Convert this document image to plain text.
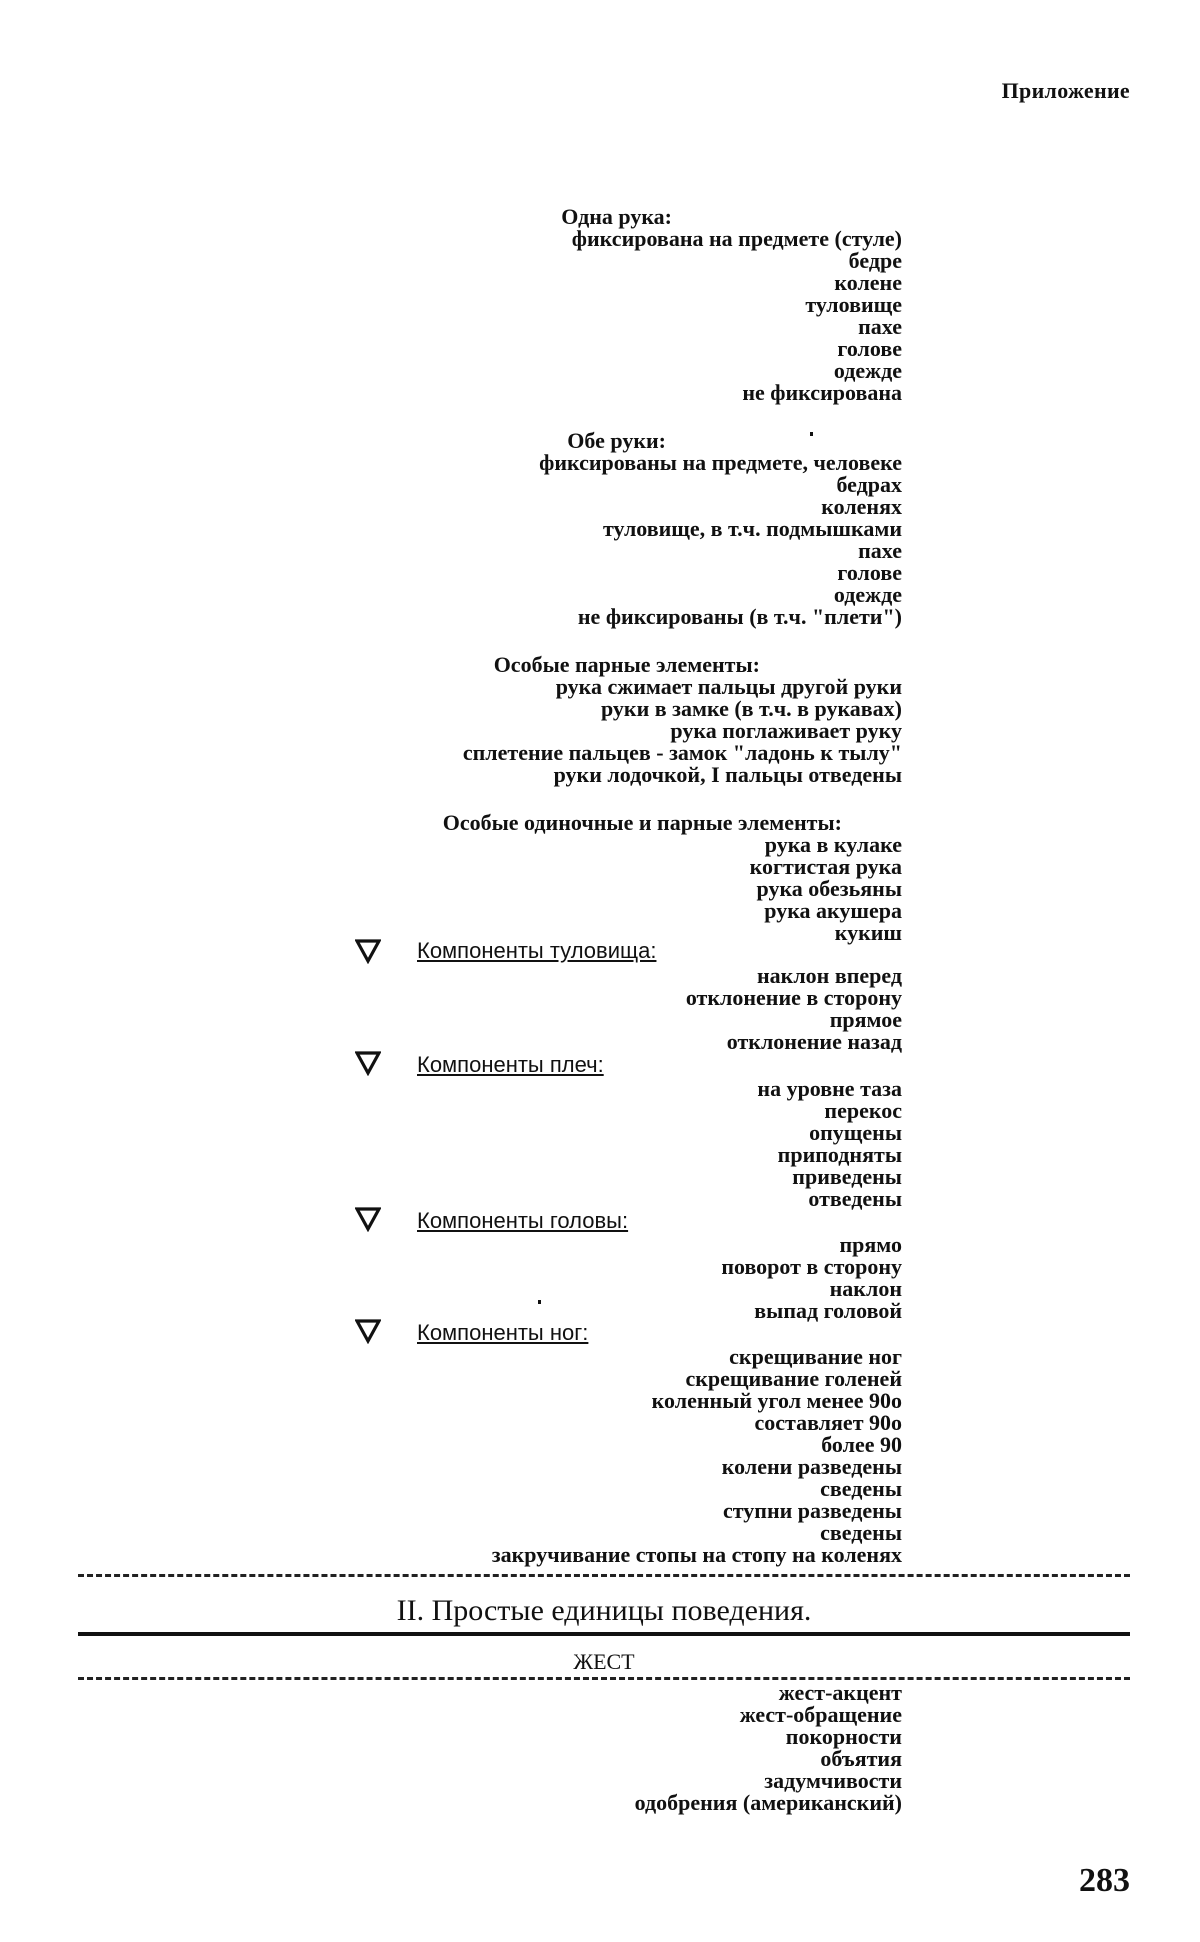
Приложение
Одна рука:
фиксирована на предмете (стуле)
бедре
колене
туловище
пахе
голове
одежде
не фиксирована
Обе руки:
фиксированы на предмете, человеке
бедрах
коленях
туловище, в т.ч. подмышками
пахе
голове
одежде
не фиксированы (в т.ч. "плети")
Особые парные элементы:
рука сжимает пальцы другой руки
руки в замке (в т.ч. в рукавах)
рука поглаживает руку
сплетение пальцев - замок "ладонь к тылу"
руки лодочкой, I пальцы отведены
Особые одиночные и парные элементы:
рука в кулаке
когтистая рука
рука обезьяны
рука акушера
кукиш
Компоненты туловища:
наклон вперед
отклонение в сторону
прямое
отклонение назад
Компоненты плеч:
на уровне таза
перекос
опущены
приподняты
приведены
отведены
Компоненты головы:
прямо
поворот в сторону
наклон
выпад головой
Компоненты ног:
скрещивание ног
скрещивание голеней
коленный угол менее 90о
составляет 90о
более 90
колени разведены
сведены
ступни разведены
сведены
закручивание стопы на стопу на коленях
II. Простые единицы поведения.
ЖЕСТ
жест-акцент
жест-обращение
покорности
объятия
задумчивости
одобрения (американский)
283
